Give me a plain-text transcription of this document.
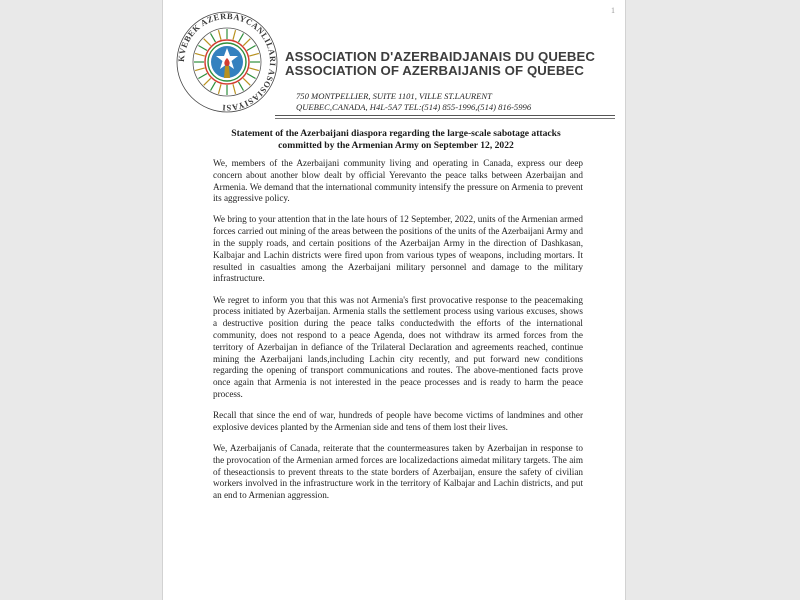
1
KVEBEK AZERBAYCANLILARI ASOSIASIYASI
ASSOCIATION D'AZERBAIDJANAIS DU QUEBEC
ASSOCIATION OF AZERBAIJANIS OF QUEBEC
750 MONTPELLIER, SUITE 1101, VILLE ST.LAURENT
QUEBEC,CANADA, H4L-5A7 TEL:(514) 855-1996,(514) 816-5996
Statement of the Azerbaijani diaspora regarding the large-scale sabotage attacks
committed by the Armenian Army on September 12, 2022

We, members of the Azerbaijani community living and operating in Canada, express our deep concern about another blow dealt by official Yerevanto the peace talks between Azerbaijan and Armenia. We demand that the international community intensify the pressure on Armenia to prevent its aggressive policy.

We bring to your attention that in the late hours of 12 September, 2022, units of the Armenian armed forces carried out mining of the areas between the positions of the units of the Azerbaijani Army and in the supply roads, and certain positions of the Azerbaijan Army in the direction of Dashkasan, Kalbajar and Lachin districts were fired upon from various types of weapons, including mortars. It resulted in casualties among the Azerbaijani military personnel and damage to the military infrastructure.

We regret to inform you that this was not Armenia's first provocative response to the peacemaking process initiated by Azerbaijan. Armenia stalls the settlement process using various excuses, shows a destructive position during the peace talks conductedwith the efforts of the international community, does not respond to a peace Agenda, does not withdraw its armed forces from the territory of Azerbaijan in defiance of the Trilateral Declaration and agreements reached, continue mining the Azerbaijani lands,including Lachin city recently, and put forward new conditions regarding the opening of transport communications and routes. The above-mentioned facts prove once again that Armenia is not interested in the peace processes and is ready to harm the peace process.

Recall that since the end of war, hundreds of people have become victims of landmines and other explosive devices planted by the Armenian side and tens of them lost their lives.

We, Azerbaijanis of Canada, reiterate that the countermeasures taken by Azerbaijan in response to the provocation of the Armenian armed forces are localizedactions aimedat military targets. The aim of theseactionsis to prevent threats to the state borders of Azerbaijan, ensure the safety of civilian workers involved in the infrastructure work in the territory of Kalbajar and Lachin districts, and put an end to Armenian aggression.
